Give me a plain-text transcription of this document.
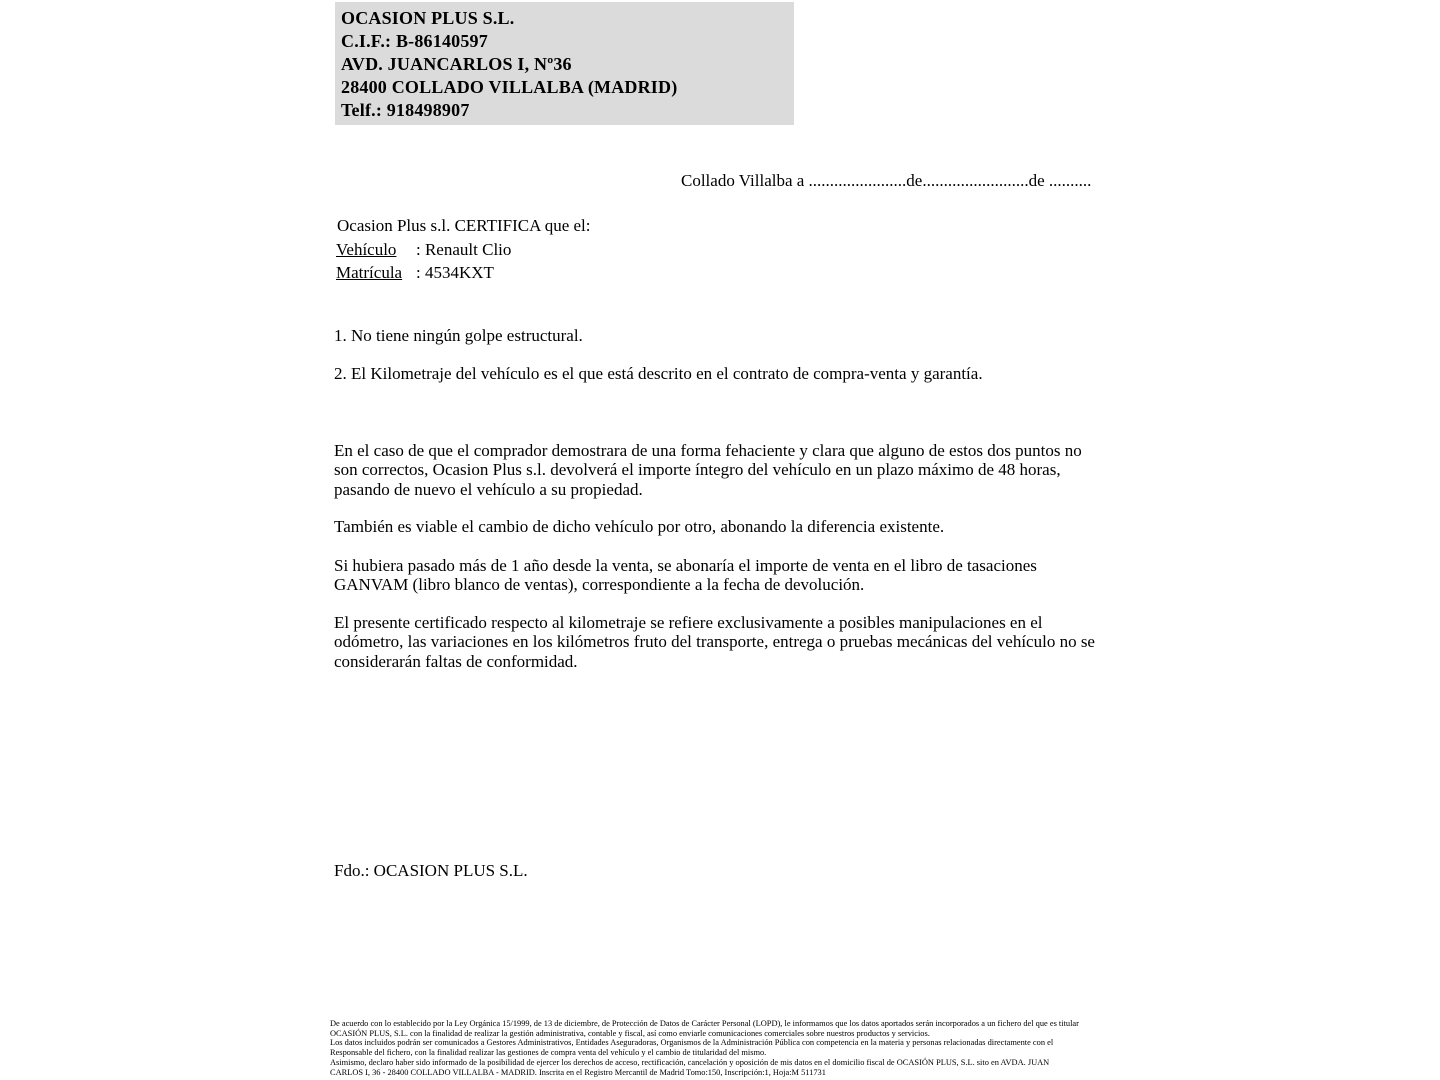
OCASION PLUS S.L.
C.I.F.: B-86140597
AVD. JUANCARLOS I, Nº36
28400 COLLADO VILLALBA (MADRID)
Telf.: 918498907
Collado Villalba a .......................de.........................de ..........
Ocasion Plus s.l. CERTIFICA que el:
Vehículo : Renault Clio
Matrícula : 4534KXT
1. No tiene ningún golpe estructural.
2. El Kilometraje del vehículo es el que está descrito en el contrato de compra-venta y garantía.
En el caso de que el comprador demostrara de una forma fehaciente y clara que alguno de estos dos puntos no son correctos, Ocasion Plus s.l. devolverá el importe íntegro del vehículo en un plazo máximo de 48 horas, pasando de nuevo el vehículo a su propiedad.
También es viable el cambio de dicho vehículo por otro, abonando la diferencia existente.
Si hubiera pasado más de 1 año desde la venta, se abonaría el importe de venta en el libro de tasaciones GANVAM (libro blanco de ventas), correspondiente a la fecha de devolución.
El presente certificado respecto al kilometraje se refiere exclusivamente a posibles manipulaciones en el odómetro, las variaciones en los kilómetros fruto del transporte, entrega o pruebas mecánicas del vehículo no se considerarán faltas de conformidad.
Fdo.: OCASION PLUS S.L.
De acuerdo con lo establecido por la Ley Orgánica 15/1999, de 13 de diciembre, de Protección de Datos de Carácter Personal (LOPD), le informamos que los datos aportados serán incorporados a un fichero del que es titular
OCASIÓN PLUS, S.L. con la finalidad de realizar la gestión administrativa, contable y fiscal, así como enviarle comunicaciones comerciales sobre nuestros productos y servicios.
Los datos incluidos podrán ser comunicados a Gestores Administrativos, Entidades Aseguradoras, Organismos de la Administración Pública con competencia en la materia y personas relacionadas directamente con el
Responsable del fichero, con la finalidad realizar las gestiones de compra venta del vehículo y el cambio de titularidad del mismo.
Asimismo, declaro haber sido informado de la posibilidad de ejercer los derechos de acceso, rectificación, cancelación y oposición de mis datos en el domicilio fiscal de OCASIÓN PLUS, S.L. sito en AVDA. JUAN
CARLOS I, 36 - 28400 COLLADO VILLALBA - MADRID. Inscrita en el Registro Mercantil de Madrid Tomo:150, Inscripción:1, Hoja:M 511731
